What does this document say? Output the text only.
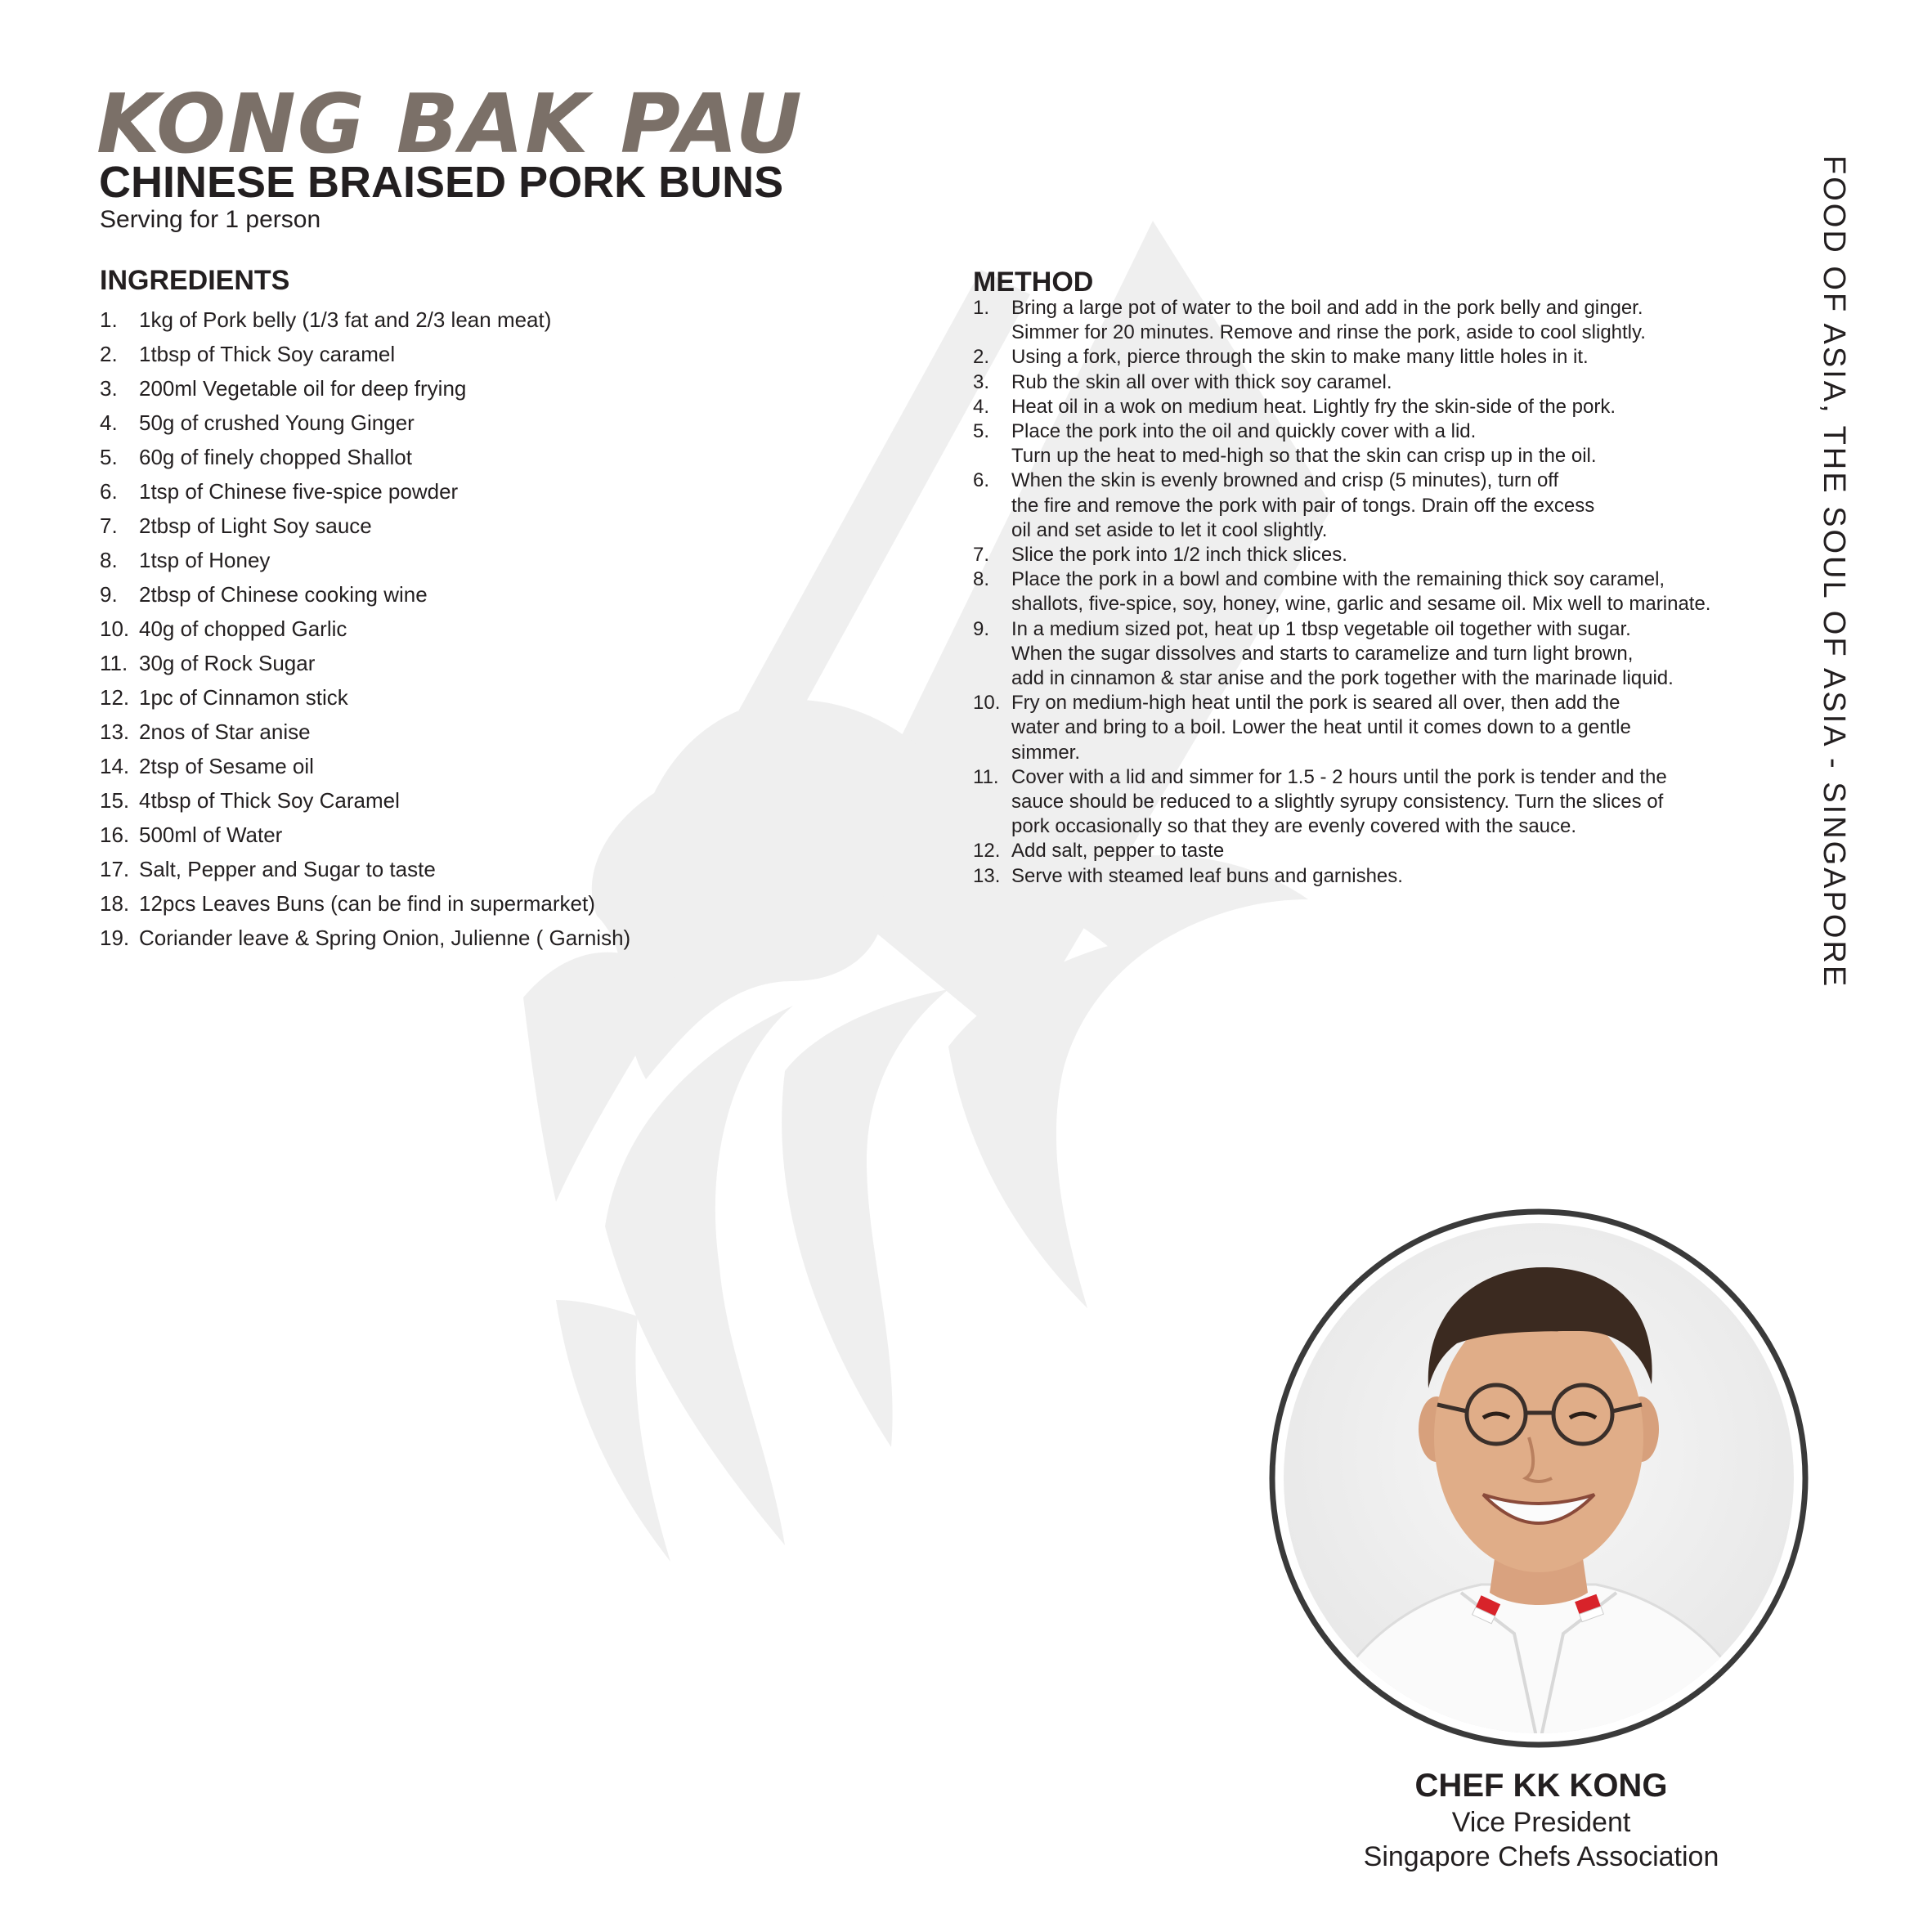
KONG BAK PAU
CHINESE BRAISED PORK BUNS
Serving for 1 person
INGREDIENTS
1.	1kg of Pork belly (1/3 fat and 2/3 lean meat)
2.	1tbsp of Thick Soy caramel
3.	200ml Vegetable oil for deep frying
4.	50g of crushed Young Ginger
5.	60g of finely chopped Shallot
6.	1tsp of Chinese five-spice powder
7.	2tbsp of Light Soy sauce
8.	1tsp of Honey
9.	2tbsp of Chinese cooking wine
10. 40g of chopped Garlic
11. 30g of Rock Sugar
12. 1pc of Cinnamon stick
13. 2nos of Star anise
14. 2tsp of Sesame oil
15. 4tbsp of Thick Soy Caramel
16. 500ml of Water
17. Salt, Pepper and Sugar to taste
18. 12pcs Leaves Buns (can be find in supermarket)
19. Coriander leave & Spring Onion, Julienne ( Garnish)
METHOD
1.	Bring a large pot of water to the boil and add in the pork belly and ginger.
Simmer for 20 minutes. Remove and rinse the pork, aside to cool slightly.
2.	Using a fork, pierce through the skin to make many little holes in it.
3.	Rub the skin all over with thick soy caramel.
4.	Heat oil in a wok on medium heat. Lightly fry the skin-side of the pork.
5.	Place the pork into the oil and quickly cover with a lid.
Turn up the heat to med-high so that the skin can crisp up in the oil.
6.	When the skin is evenly browned and crisp (5 minutes), turn off
the fire and remove the pork with pair of tongs. Drain off the excess
oil and set aside to let it cool slightly.
7.	Slice the pork into 1/2 inch thick slices.
8.	Place the pork in a bowl and combine with the remaining thick soy caramel,
shallots, five-spice, soy, honey, wine, garlic and sesame oil. Mix well to marinate.
9.	In a medium sized pot, heat up 1 tbsp vegetable oil together with sugar.
When the sugar dissolves and starts to caramelize and turn light brown,
add in cinnamon & star anise and the pork together with the marinade liquid.
10. Fry on medium-high heat until the pork is seared all over, then add the
water and bring to a boil. Lower the heat until it comes down to a gentle
simmer.
11. Cover with a lid and simmer for 1.5 - 2 hours until the pork is tender and the
sauce should be reduced to a slightly syrupy consistency. Turn the slices of
pork occasionally so that they are evenly covered with the sauce.
12. Add salt, pepper to taste
13. Serve with steamed leaf buns and garnishes.	FOOD OF ASIA, THE SOUL OF ASIA - SINGAPORE
CHEF KK KONG
Vice President
Singapore Chefs Association
